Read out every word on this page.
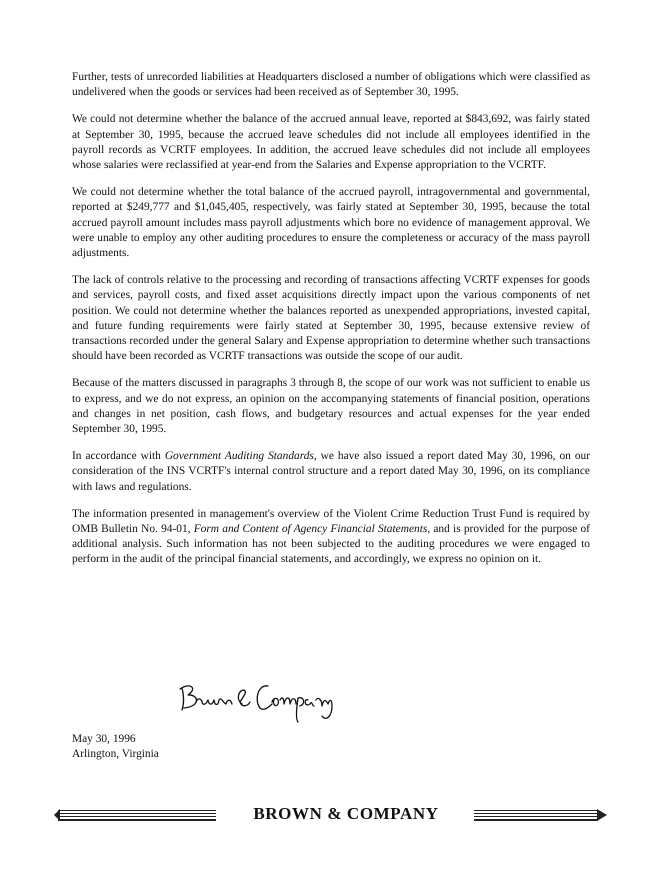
Further, tests of unrecorded liabilities at Headquarters disclosed a number of obligations which were classified as undelivered when the goods or services had been received as of September 30, 1995.

We could not determine whether the balance of the accrued annual leave, reported at $843,692, was fairly stated at September 30, 1995, because the accrued leave schedules did not include all employees identified in the payroll records as VCRTF employees. In addition, the accrued leave schedules did not include all employees whose salaries were reclassified at year-end from the Salaries and Expense appropriation to the VCRTF.

We could not determine whether the total balance of the accrued payroll, intragovernmental and governmental, reported at $249,777 and $1,045,405, respectively, was fairly stated at September 30, 1995, because the total accrued payroll amount includes mass payroll adjustments which bore no evidence of management approval. We were unable to employ any other auditing procedures to ensure the completeness or accuracy of the mass payroll adjustments.

The lack of controls relative to the processing and recording of transactions affecting VCRTF expenses for goods and services, payroll costs, and fixed asset acquisitions directly impact upon the various components of net position. We could not determine whether the balances reported as unexpended appropriations, invested capital, and future funding requirements were fairly stated at September 30, 1995, because extensive review of transactions recorded under the general Salary and Expense appropriation to determine whether such transactions should have been recorded as VCRTF transactions was outside the scope of our audit.

Because of the matters discussed in paragraphs 3 through 8, the scope of our work was not sufficient to enable us to express, and we do not express, an opinion on the accompanying statements of financial position, operations and changes in net position, cash flows, and budgetary resources and actual expenses for the year ended September 30, 1995.

In accordance with Government Auditing Standards, we have also issued a report dated May 30, 1996, on our consideration of the INS VCRTF's internal control structure and a report dated May 30, 1996, on its compliance with laws and regulations.

The information presented in management's overview of the Violent Crime Reduction Trust Fund is required by OMB Bulletin No. 94-01, Form and Content of Agency Financial Statements, and is provided for the purpose of additional analysis. Such information has not been subjected to the auditing procedures we were engaged to perform in the audit of the principal financial statements, and accordingly, we express no opinion on it.

May 30, 1996
Arlington, Virginia
BROWN & COMPANY
